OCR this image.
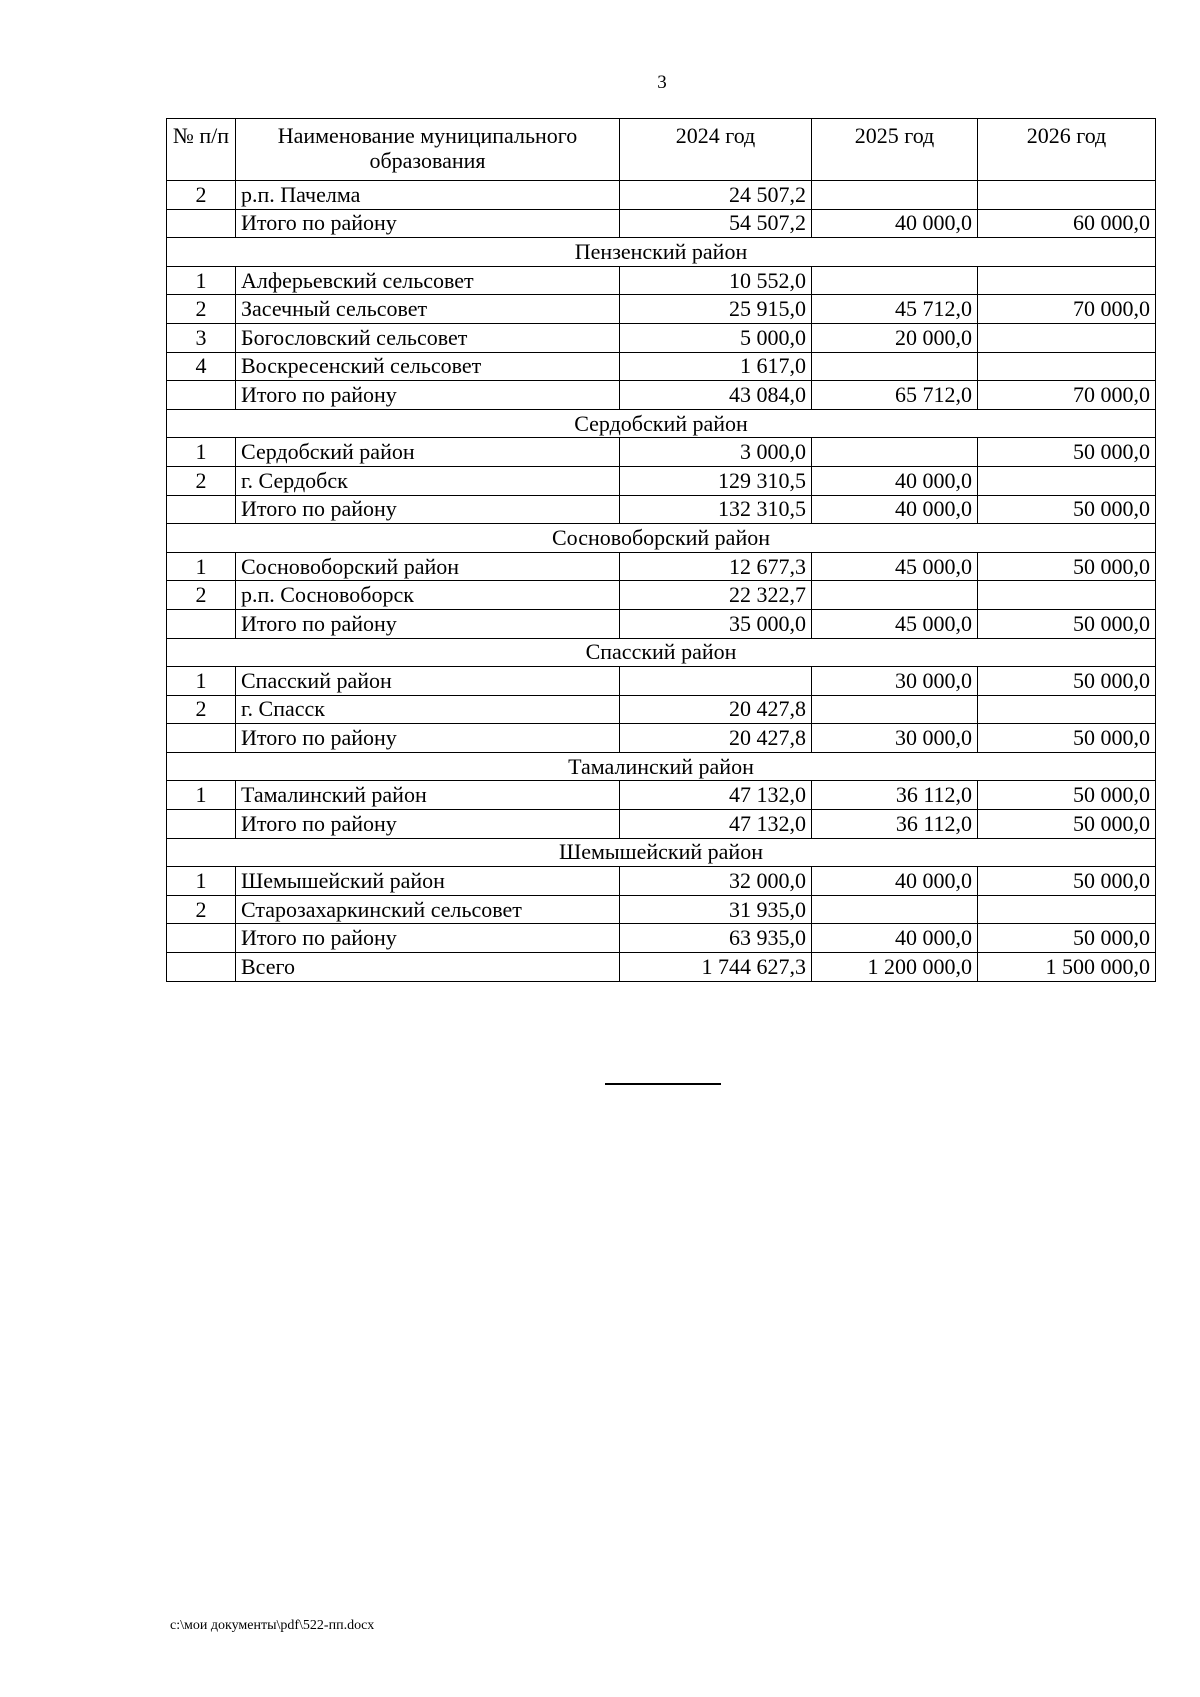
3
№ п/п	Наименование муниципального образования	2024 год	2025 год	2026 год
2	р.п. Пачелма	24 507,2		
	Итого по району	54 507,2	40 000,0	60 000,0
Пензенский район				
1	Алферьевский сельсовет	10 552,0		
2	Засечный сельсовет	25 915,0	45 712,0	70 000,0
3	Богословский сельсовет	5 000,0	20 000,0	
4	Воскресенский сельсовет	1 617,0		
	Итого по району	43 084,0	65 712,0	70 000,0
Сердобский район				
1	Сердобский район	3 000,0		50 000,0
2	г. Сердобск	129 310,5	40 000,0	
	Итого по району	132 310,5	40 000,0	50 000,0
Сосновоборский район				
1	Сосновоборский район	12 677,3	45 000,0	50 000,0
2	р.п. Сосновоборск	22 322,7		
	Итого по району	35 000,0	45 000,0	50 000,0
Спасский район				
1	Спасский район		30 000,0	50 000,0
2	г. Спасск	20 427,8		
	Итого по району	20 427,8	30 000,0	50 000,0
Тамалинский район				
1	Тамалинский район	47 132,0	36 112,0	50 000,0
	Итого по району	47 132,0	36 112,0	50 000,0
Шемышейский район				
1	Шемышейский район	32 000,0	40 000,0	50 000,0
2	Старозахаркинский сельсовет	31 935,0		
	Итого по району	63 935,0	40 000,0	50 000,0
	Всего	1 744 627,3	1 200 000,0	1 500 000,0
c:\мои документы\pdf\522-пп.docx
